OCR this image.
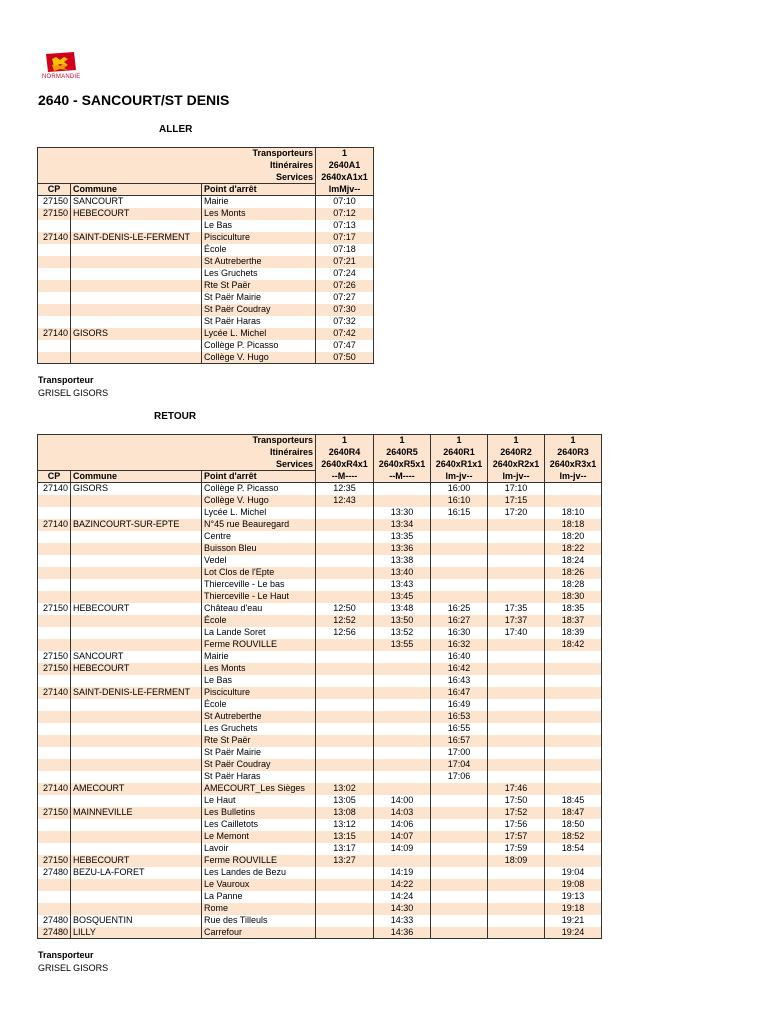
NORMANDIE
2640 - SANCOURT/ST DENIS
ALLER
Transporteurs			1
Itinéraires			2640A1
Services			2640xA1x1
CP	Commune	Point d'arrêt	lmMjv--
27150	SANCOURT	Mairie	07:10
27150	HEBECOURT	Les Monts	07:12
		Le Bas	07:13
27140	SAINT-DENIS-LE-FERMENT	Pisciculture	07:17
		École	07:18
		St Autreberthe	07:21
		Les Gruchets	07:24
		Rte St Paër	07:26
		St Paër Mairie	07:27
		St Paër Coudray	07:30
		St Paër Haras	07:32
27140	GISORS	Lycée L. Michel	07:42
		Collège P. Picasso	07:47
		Collège V. Hugo	07:50
Transporteur
GRISEL GISORS
RETOUR
Transporteurs			1	1	1	1	1
Itinéraires			2640R4	2640R5	2640R1	2640R2	2640R3
Services			2640xR4x1	2640xR5x1	2640xR1x1	2640xR2x1	2640xR3x1
CP	Commune	Point d'arrêt	--M----	--M----	lm-jv--	lm-jv--	lm-jv--
27140	GISORS	Collège P. Picasso	12:35		16:00	17:10	
		Collège V. Hugo	12:43		16:10	17:15	
		Lycée L. Michel		13:30	16:15	17:20	18:10
27140	BAZINCOURT-SUR-EPTE	N°45 rue Beauregard		13:34			18:18
		Centre		13:35			18:20
		Buisson Bleu		13:36			18:22
		Vedel		13:38			18:24
		Lot Clos de l'Epte		13:40			18:26
		Thierceville - Le bas		13:43			18:28
		Thierceville - Le Haut		13:45			18:30
27150	HEBECOURT	Château d'eau	12:50	13:48	16:25	17:35	18:35
		École	12:52	13:50	16:27	17:37	18:37
		La Lande Soret	12:56	13:52	16:30	17:40	18:39
		Ferme ROUVILLE		13:55	16:32		18:42
27150	SANCOURT	Mairie			16:40		
27150	HEBECOURT	Les Monts			16:42		
		Le Bas			16:43		
27140	SAINT-DENIS-LE-FERMENT	Pisciculture			16:47		
		École			16:49		
		St Autreberthe			16:53		
		Les Gruchets			16:55		
		Rte St Paër			16:57		
		St Paër Mairie			17:00		
		St Paër Coudray			17:04		
		St Paër Haras			17:06		
27140	AMECOURT	AMECOURT_Les Sièges	13:02			17:46	
		Le Haut	13:05	14:00		17:50	18:45
27150	MAINNEVILLE	Les Bulletins	13:08	14:03		17:52	18:47
		Les Cailletots	13:12	14:06		17:56	18:50
		Le Memont	13:15	14:07		17:57	18:52
		Lavoir	13:17	14:09		17:59	18:54
27150	HEBECOURT	Ferme ROUVILLE	13:27			18:09	
27480	BEZU-LA-FORET	Les Landes de Bezu		14:19			19:04
		Le Vauroux		14:22			19:08
		La Panne		14:24			19:13
		Rome		14:30			19:18
27480	BOSQUENTIN	Rue des Tilleuls		14:33			19:21
27480	LILLY	Carrefour		14:36			19:24
Transporteur
GRISEL GISORS
